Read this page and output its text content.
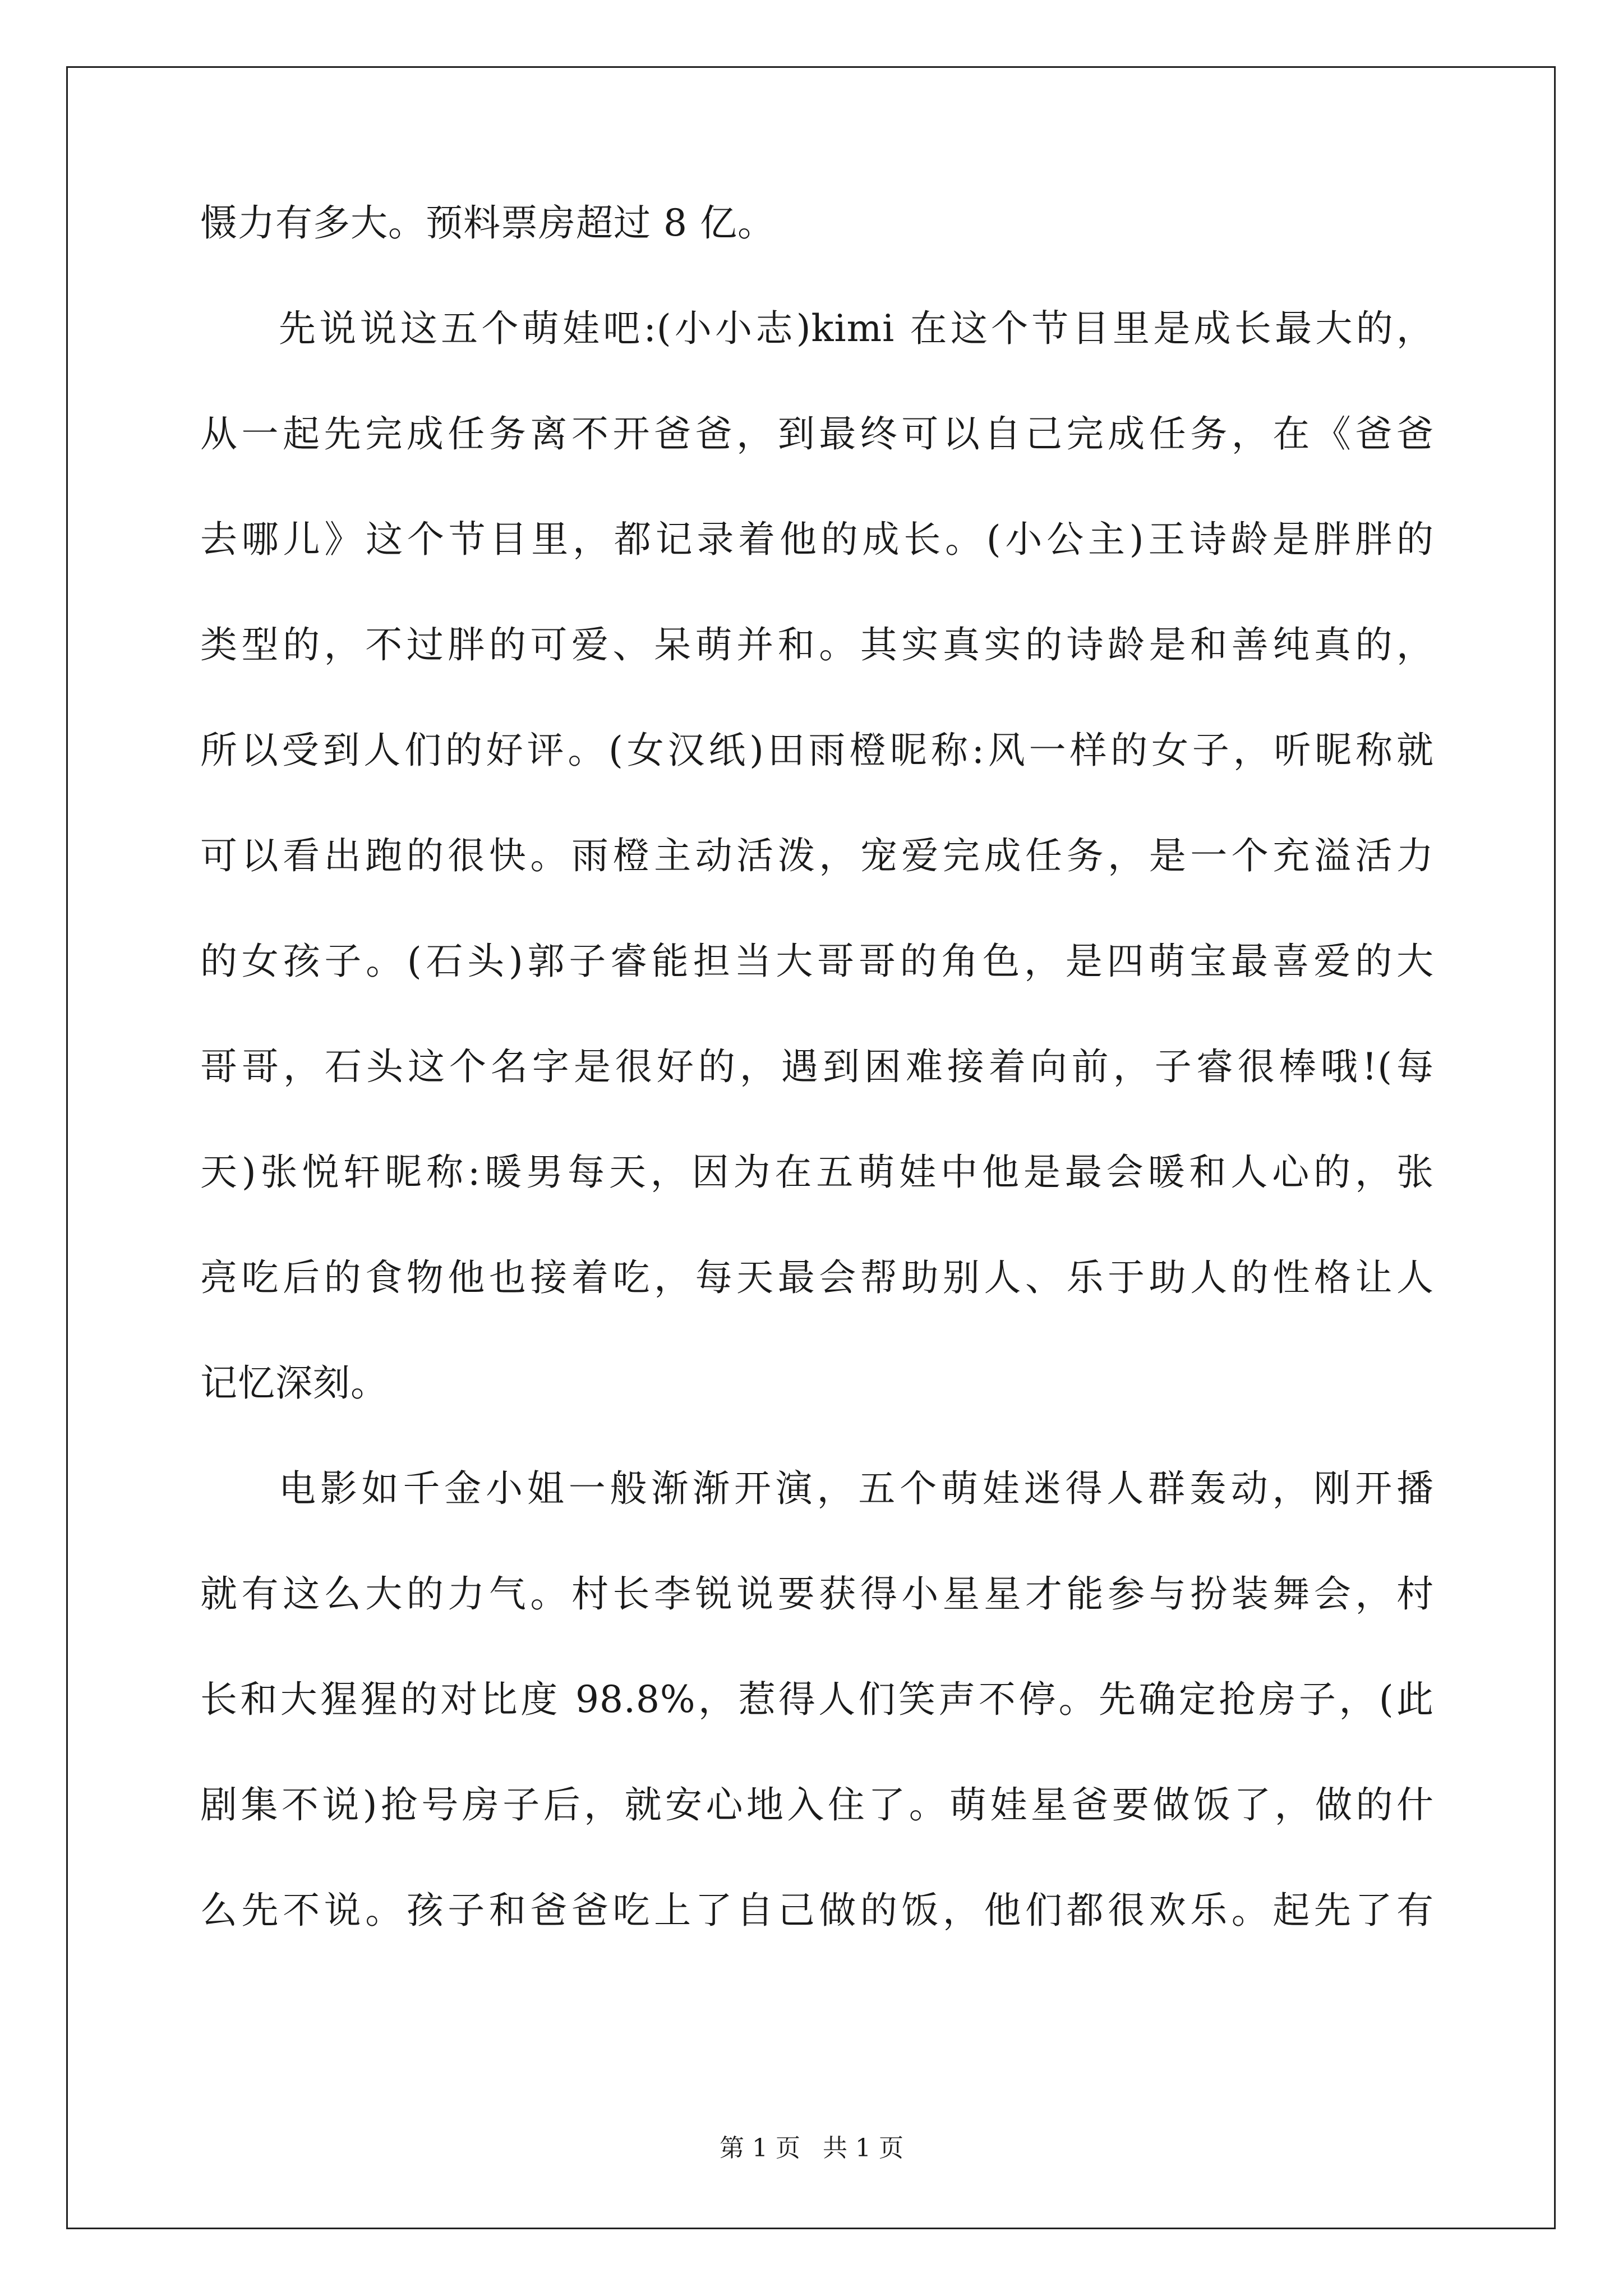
慑力有多大。预料票房超过 8 亿。
先说说这五个萌娃吧:(小小志)kimi 在这个节目里是成长最大的，
从一起先完成任务离不开爸爸，到最终可以自己完成任务，在《爸爸
去哪儿》这个节目里，都记录着他的成长。(小公主)王诗龄是胖胖的
类型的，不过胖的可爱、呆萌并和。其实真实的诗龄是和善纯真的，
所以受到人们的好评。(女汉纸)田雨橙昵称:风一样的女子，听昵称就
可以看出跑的很快。雨橙主动活泼，宠爱完成任务，是一个充溢活力
的女孩子。(石头)郭子睿能担当大哥哥的角色，是四萌宝最喜爱的大
哥哥，石头这个名字是很好的，遇到困难接着向前，子睿很棒哦!(每
天)张悦轩昵称:暖男每天，因为在五萌娃中他是最会暖和人心的，张
亮吃后的食物他也接着吃，每天最会帮助别人、乐于助人的性格让人
记忆深刻。
电影如千金小姐一般渐渐开演，五个萌娃迷得人群轰动，刚开播
就有这么大的力气。村长李锐说要获得小星星才能参与扮装舞会，村
长和大猩猩的对比度 98.8%，惹得人们笑声不停。先确定抢房子，(此
剧集不说)抢号房子后，就安心地入住了。萌娃星爸要做饭了，做的什
么先不说。孩子和爸爸吃上了自己做的饭，他们都很欢乐。起先了有
第 1 页 共 1 页
